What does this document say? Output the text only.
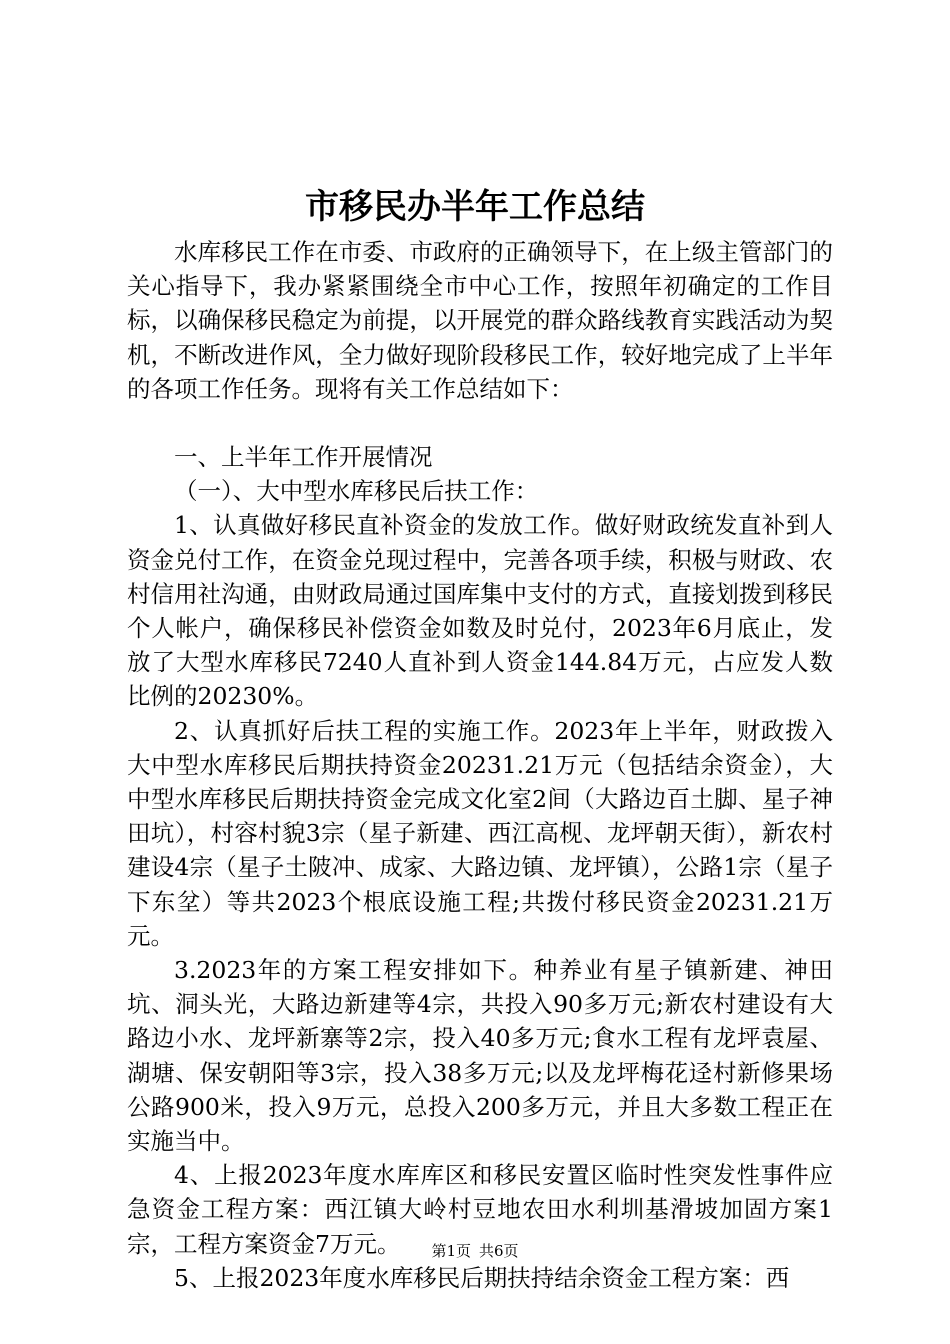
市移民办半年工作总结

水库移民工作在市委、市政府的正确领导下，在上级主管部门的关心指导下，我办紧紧围绕全市中心工作，按照年初确定的工作目标，以确保移民稳定为前提，以开展党的群众路线教育实践活动为契机，不断改进作风，全力做好现阶段移民工作，较好地完成了上半年的各项工作任务。现将有关工作总结如下：

一、上半年工作开展情况

（一）、大中型水库移民后扶工作：

1、认真做好移民直补资金的发放工作。做好财政统发直补到人资金兑付工作，在资金兑现过程中，完善各项手续，积极与财政、农村信用社沟通，由财政局通过国库集中支付的方式，直接划拨到移民个人帐户，确保移民补偿资金如数及时兑付，2023年6月底止，发放了大型水库移民7240人直补到人资金144.84万元，占应发人数比例的20230%。

2、认真抓好后扶工程的实施工作。2023年上半年，财政拨入大中型水库移民后期扶持资金20231.21万元（包括结余资金），大中型水库移民后期扶持资金完成文化室2间（大路边百土脚、星子神田坑），村容村貌3宗（星子新建、西江高枧、龙坪朝天街），新农村建设4宗（星子土陂冲、成家、大路边镇、龙坪镇），公路1宗（星子下东坌）等共2023个根底设施工程;共拨付移民资金20231.21万元。

3.2023年的方案工程安排如下。种养业有星子镇新建、神田坑、洞头光，大路边新建等4宗，共投入90多万元;新农村建设有大路边小水、龙坪新寨等2宗，投入40多万元;食水工程有龙坪袁屋、湖塘、保安朝阳等3宗，投入38多万元;以及龙坪梅花迳村新修果场公路900米，投入9万元，总投入200多万元，并且大多数工程正在实施当中。

4、上报2023年度水库库区和移民安置区临时性突发性事件应急资金工程方案：西江镇大岭村豆地农田水利圳基滑坡加固方案1宗，工程方案资金7万元。

5、上报2023年度水库移民后期扶持结余资金工程方案：西

第1页 共6页
